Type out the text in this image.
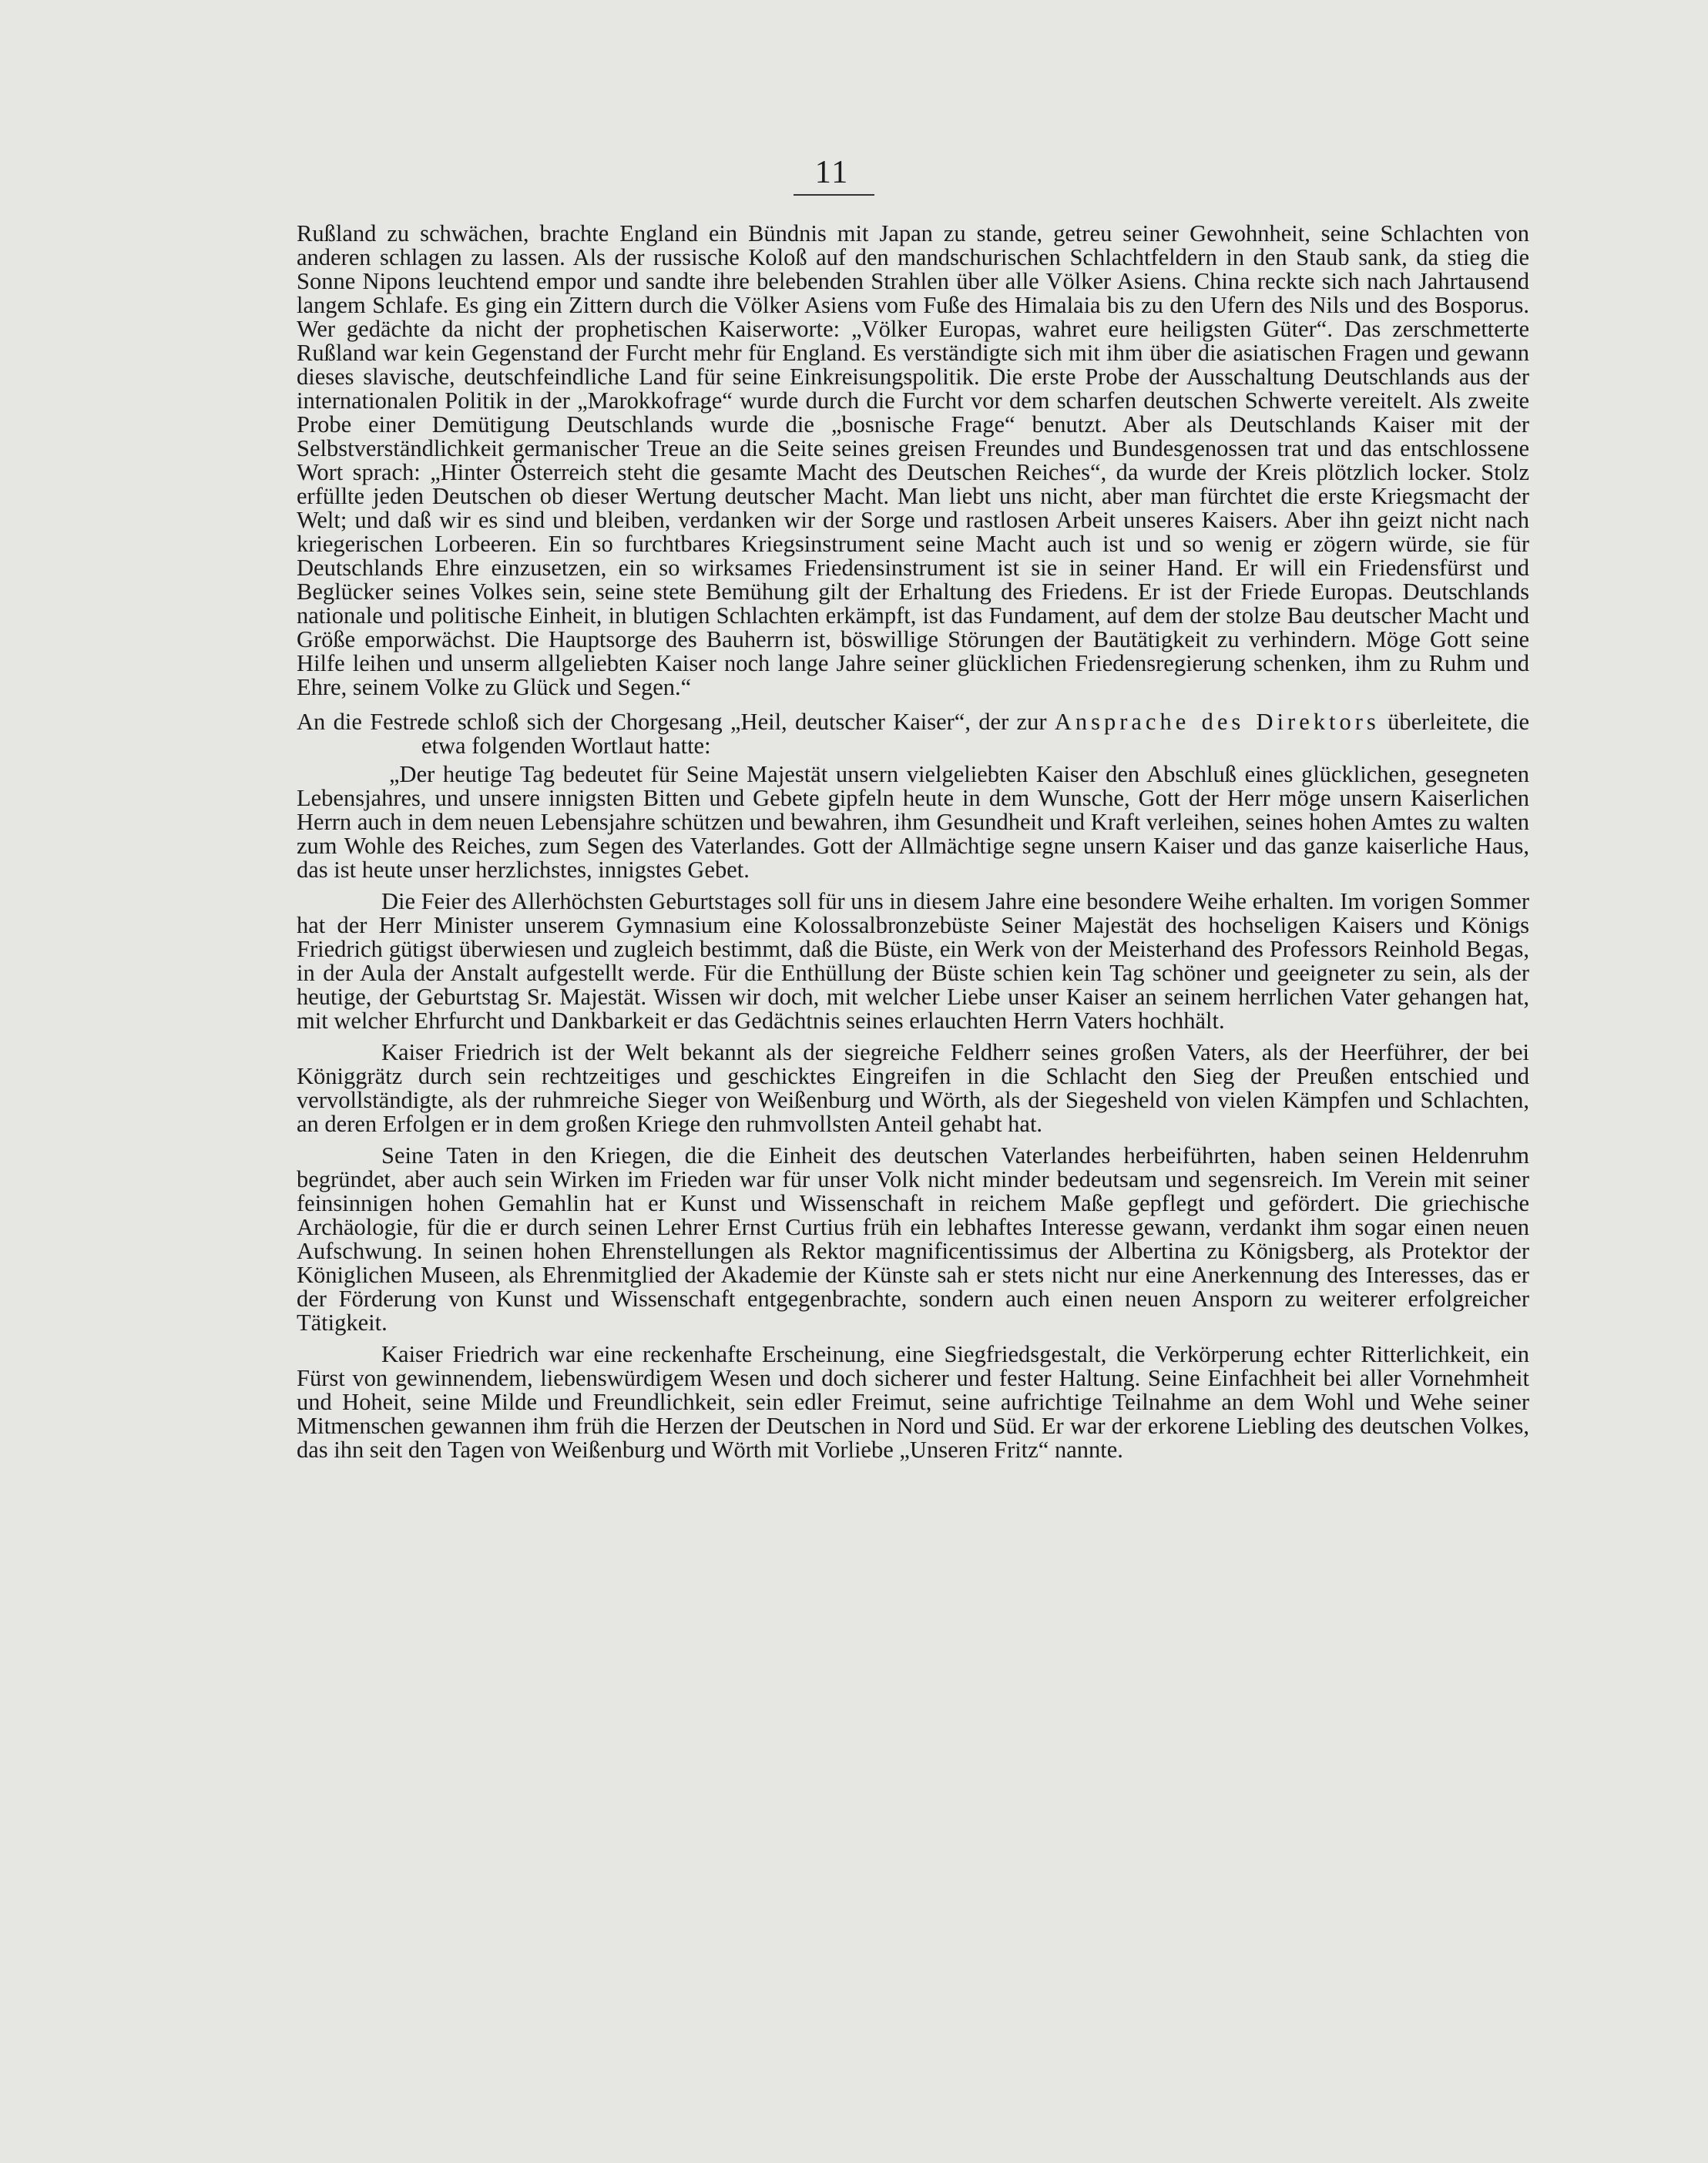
11

Rußland zu schwächen, brachte England ein Bündnis mit Japan zu stande, getreu seiner Gewohnheit, seine Schlachten von anderen schlagen zu lassen. Als der russische Koloß auf den mandschurischen Schlachtfeldern in den Staub sank, da stieg die Sonne Nipons leuchtend empor und sandte ihre belebenden Strahlen über alle Völker Asiens. China reckte sich nach Jahrtausend langem Schlafe. Es ging ein Zittern durch die Völker Asiens vom Fuße des Himalaia bis zu den Ufern des Nils und des Bosporus. Wer gedächte da nicht der prophetischen Kaiserworte: „Völker Europas, wahret eure heiligsten Güter“. Das zerschmetterte Rußland war kein Gegenstand der Furcht mehr für England. Es verständigte sich mit ihm über die asiatischen Fragen und gewann dieses slavische, deutschfeindliche Land für seine Einkreisungspolitik. Die erste Probe der Ausschaltung Deutschlands aus der internationalen Politik in der „Marokkofrage“ wurde durch die Furcht vor dem scharfen deutschen Schwerte vereitelt. Als zweite Probe einer Demütigung Deutschlands wurde die „bosnische Frage“ benutzt. Aber als Deutschlands Kaiser mit der Selbstverständlichkeit germanischer Treue an die Seite seines greisen Freundes und Bundesgenossen trat und das entschlossene Wort sprach: „Hinter Österreich steht die gesamte Macht des Deutschen Reiches“, da wurde der Kreis plötzlich locker. Stolz erfüllte jeden Deutschen ob dieser Wertung deutscher Macht. Man liebt uns nicht, aber man fürchtet die erste Kriegsmacht der Welt; und daß wir es sind und bleiben, verdanken wir der Sorge und rastlosen Arbeit unseres Kaisers. Aber ihn geizt nicht nach kriegerischen Lorbeeren. Ein so furchtbares Kriegsinstrument seine Macht auch ist und so wenig er zögern würde, sie für Deutschlands Ehre einzusetzen, ein so wirksames Friedensinstrument ist sie in seiner Hand. Er will ein Friedensfürst und Beglücker seines Volkes sein, seine stete Bemühung gilt der Erhaltung des Friedens. Er ist der Friede Europas. Deutschlands nationale und politische Einheit, in blutigen Schlachten erkämpft, ist das Fundament, auf dem der stolze Bau deutscher Macht und Größe emporwächst. Die Hauptsorge des Bauherrn ist, böswillige Störungen der Bautätigkeit zu verhindern. Möge Gott seine Hilfe leihen und unserm allgeliebten Kaiser noch lange Jahre seiner glücklichen Friedensregierung schenken, ihm zu Ruhm und Ehre, seinem Volke zu Glück und Segen.“

An die Festrede schloß sich der Chorgesang „Heil, deutscher Kaiser“, der zur Ansprache des Direktors überleitete, die etwa folgenden Wortlaut hatte:

„Der heutige Tag bedeutet für Seine Majestät unsern vielgeliebten Kaiser den Abschluß eines glücklichen, gesegneten Lebensjahres, und unsere innigsten Bitten und Gebete gipfeln heute in dem Wunsche, Gott der Herr möge unsern Kaiserlichen Herrn auch in dem neuen Lebensjahre schützen und bewahren, ihm Gesundheit und Kraft verleihen, seines hohen Amtes zu walten zum Wohle des Reiches, zum Segen des Vaterlandes. Gott der Allmächtige segne unsern Kaiser und das ganze kaiserliche Haus, das ist heute unser herzlichstes, innigstes Gebet.

Die Feier des Allerhöchsten Geburtstages soll für uns in diesem Jahre eine besondere Weihe erhalten. Im vorigen Sommer hat der Herr Minister unserem Gymnasium eine Kolossalbronzebüste Seiner Majestät des hochseligen Kaisers und Königs Friedrich gütigst überwiesen und zugleich bestimmt, daß die Büste, ein Werk von der Meisterhand des Professors Reinhold Begas, in der Aula der Anstalt aufgestellt werde. Für die Enthüllung der Büste schien kein Tag schöner und geeigneter zu sein, als der heutige, der Geburtstag Sr. Majestät. Wissen wir doch, mit welcher Liebe unser Kaiser an seinem herrlichen Vater gehangen hat, mit welcher Ehrfurcht und Dankbarkeit er das Gedächtnis seines erlauchten Herrn Vaters hochhält.

Kaiser Friedrich ist der Welt bekannt als der siegreiche Feldherr seines großen Vaters, als der Heerführer, der bei Königgrätz durch sein rechtzeitiges und geschicktes Eingreifen in die Schlacht den Sieg der Preußen entschied und vervollständigte, als der ruhmreiche Sieger von Weißenburg und Wörth, als der Siegesheld von vielen Kämpfen und Schlachten, an deren Erfolgen er in dem großen Kriege den ruhmvollsten Anteil gehabt hat.

Seine Taten in den Kriegen, die die Einheit des deutschen Vaterlandes herbeiführten, haben seinen Heldenruhm begründet, aber auch sein Wirken im Frieden war für unser Volk nicht minder bedeutsam und segensreich. Im Verein mit seiner feinsinnigen hohen Gemahlin hat er Kunst und Wissenschaft in reichem Maße gepflegt und gefördert. Die griechische Archäologie, für die er durch seinen Lehrer Ernst Curtius früh ein lebhaftes Interesse gewann, verdankt ihm sogar einen neuen Aufschwung. In seinen hohen Ehrenstellungen als Rektor magnificentissimus der Albertina zu Königsberg, als Protektor der Königlichen Museen, als Ehrenmitglied der Akademie der Künste sah er stets nicht nur eine Anerkennung des Interesses, das er der Förderung von Kunst und Wissenschaft entgegenbrachte, sondern auch einen neuen Ansporn zu weiterer erfolgreicher Tätigkeit.

Kaiser Friedrich war eine reckenhafte Erscheinung, eine Siegfriedsgestalt, die Verkörperung echter Ritterlichkeit, ein Fürst von gewinnendem, liebenswürdigem Wesen und doch sicherer und fester Haltung. Seine Einfachheit bei aller Vornehmheit und Hoheit, seine Milde und Freundlichkeit, sein edler Freimut, seine aufrichtige Teilnahme an dem Wohl und Wehe seiner Mitmenschen gewannen ihm früh die Herzen der Deutschen in Nord und Süd. Er war der erkorene Liebling des deutschen Volkes, das ihn seit den Tagen von Weißenburg und Wörth mit Vorliebe „Unseren Fritz“ nannte.
